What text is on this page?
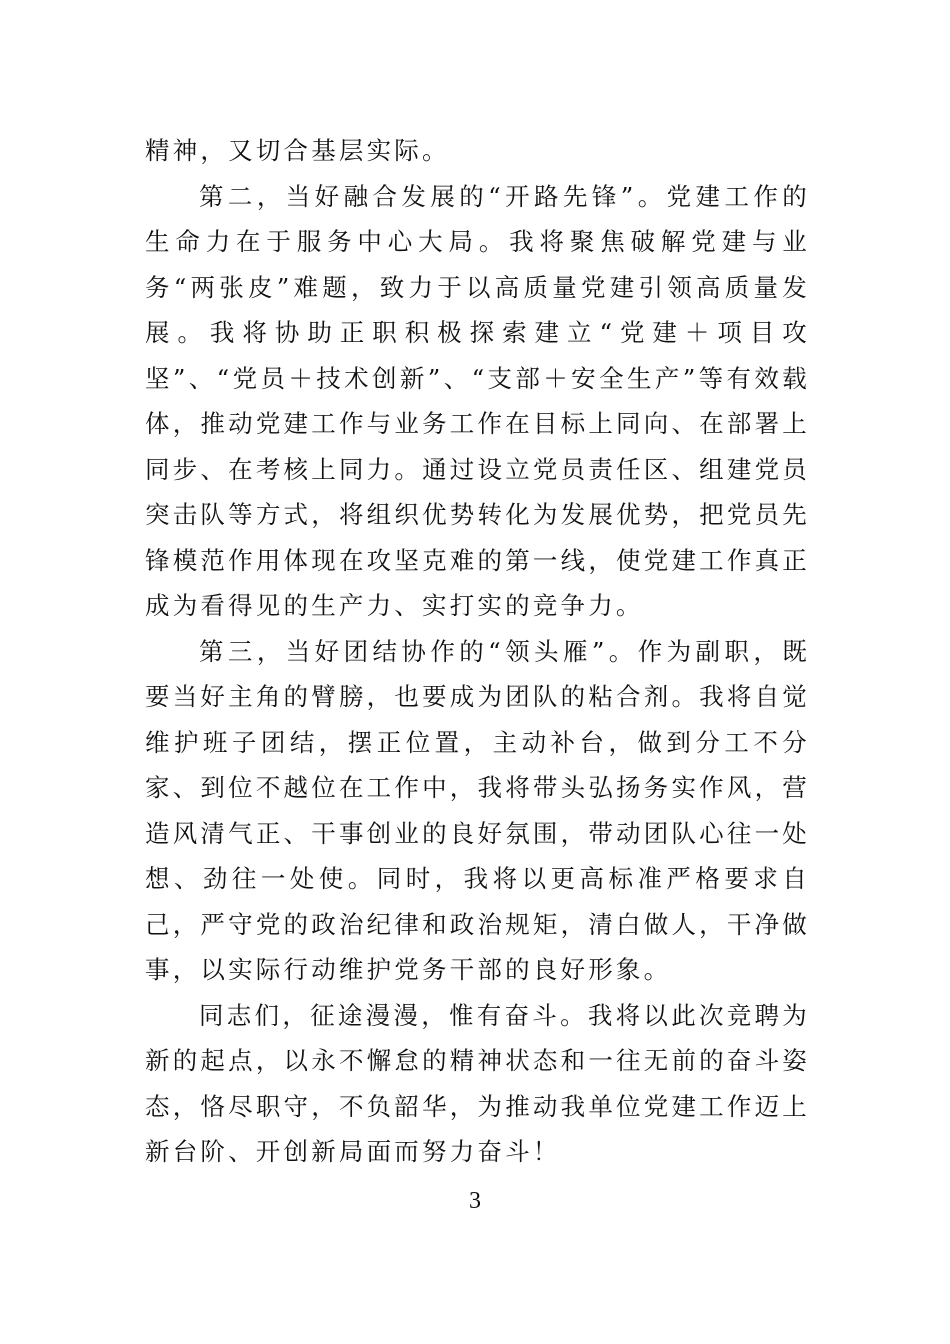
精神，又切合基层实际。

第二，当好融合发展的“开路先锋”。党建工作的生命力在于服务中心大局。我将聚焦破解党建与业务“两张皮”难题，致力于以高质量党建引领高质量发展。我将协助正职积极探索建立“党建＋项目攻坚”、“党员＋技术创新”、“支部＋安全生产”等有效载体，推动党建工作与业务工作在目标上同向、在部署上同步、在考核上同力。通过设立党员责任区、组建党员突击队等方式，将组织优势转化为发展优势，把党员先锋模范作用体现在攻坚克难的第一线，使党建工作真正成为看得见的生产力、实打实的竞争力。

第三，当好团结协作的“领头雁”。作为副职，既要当好主角的臂膀，也要成为团队的粘合剂。我将自觉维护班子团结，摆正位置，主动补台，做到分工不分家、到位不越位在工作中，我将带头弘扬务实作风，营造风清气正、干事创业的良好氛围，带动团队心往一处想、劲往一处使。同时，我将以更高标准严格要求自己，严守党的政治纪律和政治规矩，清白做人，干净做事，以实际行动维护党务干部的良好形象。

同志们，征途漫漫，惟有奋斗。我将以此次竞聘为新的起点，以永不懈怠的精神状态和一往无前的奋斗姿态，恪尽职守，不负韶华，为推动我单位党建工作迈上新台阶、开创新局面而努力奋斗！

3
